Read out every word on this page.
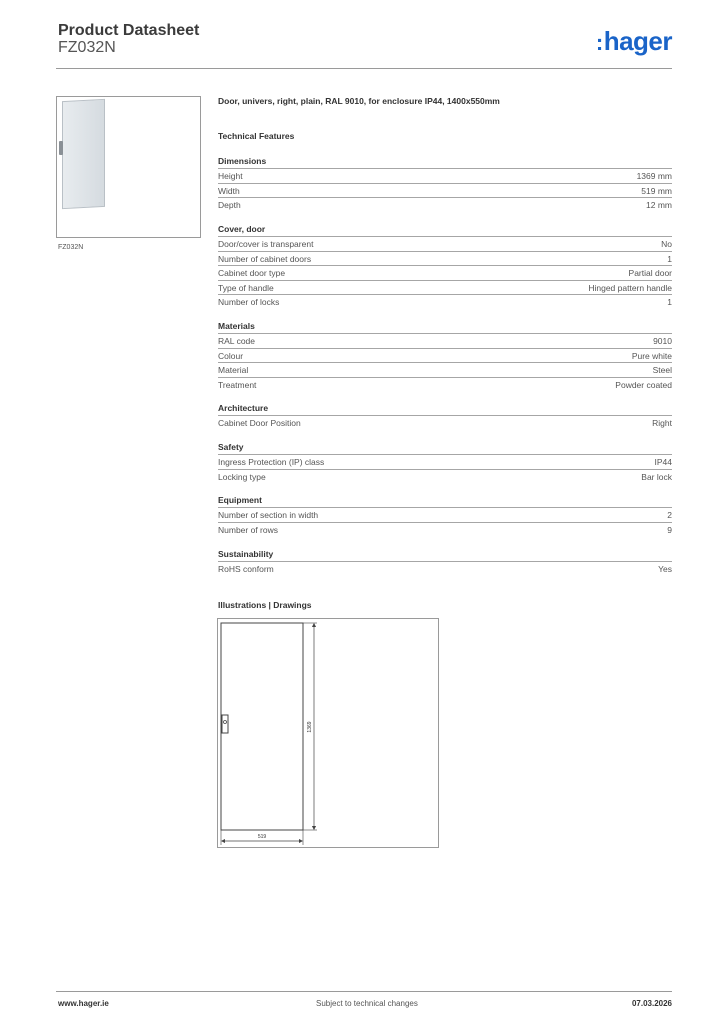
Product Datasheet
FZ032N	:hager
FZ032N
Door, univers, right, plain, RAL 9010, for enclosure IP44, 1400x550mm
Technical Features
Dimensions
Height	1369 mm
Width	519 mm
Depth	12 mm
Cover, door
Door/cover is transparent	No
Number of cabinet doors	1
Cabinet door type	Partial door
Type of handle	Hinged pattern handle
Number of locks	1
Materials
RAL code	9010
Colour	Pure white
Material	Steel
Treatment	Powder coated
Architecture
Cabinet Door Position	Right
Safety
Ingress Protection (IP) class	IP44
Locking type	Bar lock
Equipment
Number of section in width	2
Number of rows	9
Sustainability
RoHS conform	Yes
Illustrations | Drawings
1369
519
www.hager.ie	Subject to technical changes	07.03.2026
